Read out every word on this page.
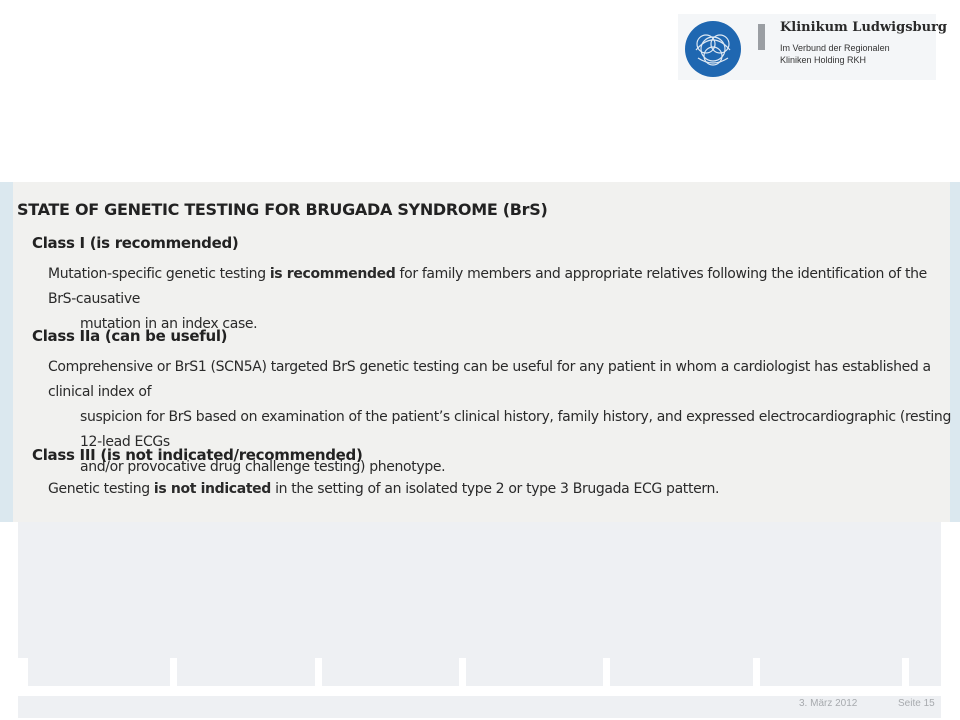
Klinikum Ludwigsburg
Im Verbund der Regionalen
Kliniken Holding RKH
STATE OF GENETIC TESTING FOR BRUGADA SYNDROME (BrS)
Class I (is recommended)
Mutation-specific genetic testing is recommended for family members and appropriate relatives following the identification of the BrS-causative
mutation in an index case.
Class IIa (can be useful)
Comprehensive or BrS1 (SCN5A) targeted BrS genetic testing can be useful for any patient in whom a cardiologist has established a clinical index of
suspicion for BrS based on examination of the patient’s clinical history, family history, and expressed electrocardiographic (resting 12-lead ECGs
and/or provocative drug challenge testing) phenotype.
Class III (is not indicated/recommended)
Genetic testing is not indicated in the setting of an isolated type 2 or type 3 Brugada ECG pattern.
3. März 2012	Seite 15
